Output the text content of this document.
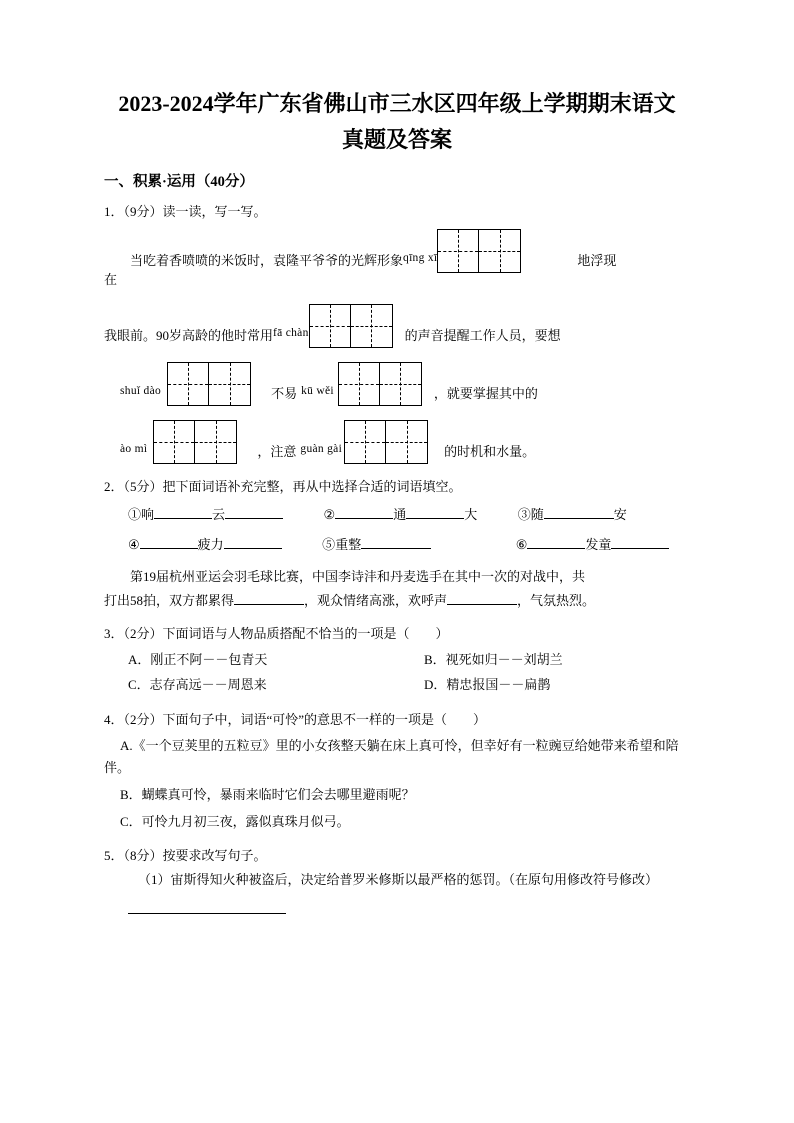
2023-2024学年广东省佛山市三水区四年级上学期期末语文
真题及答案
一、积累·运用（40分）
1．（9分）读一读，写一写。
当吃着香喷喷的米饭时，袁隆平爷爷的光辉形象 qīng xī	地浮现
在
我眼前。90岁高龄的他时常用 fā chàn	的声音提醒工作人员，要想
shuǐ dào	不易 kū wěi	，就要掌握其中的
ào mì	，注意 guàn gài	的时机和水量。
2．（5分）把下面词语补充完整，再从中选择合适的词语填空。
①响	云	②	通	大	③随	安
④	疲力	⑤重整	⑥	发童
第19届杭州亚运会羽毛球比赛，中国李诗沣和丹麦选手在其中一次的对战中，共
打出58拍，双方都累得	，观众情绪高涨，欢呼声	，气氛热烈。
3．（2分）下面词语与人物品质搭配不恰当的一项是（　　）
A．刚正不阿－－包青天	B．视死如归－－刘胡兰
C．志存高远－－周恩来	D．精忠报国－－扁鹊
4．（2分）下面句子中，词语“可怜”的意思不一样的一项是（　　）
A.《一个豆荚里的五粒豆》里的小女孩整天躺在床上真可怜，但幸好有一粒豌豆给她带来希望和陪伴。
B．蝴蝶真可怜，暴雨来临时它们会去哪里避雨呢？
C．可怜九月初三夜，露似真珠月似弓。
5．（8分）按要求改写句子。
（1）宙斯得知火种被盗后，决定给普罗米修斯以最严格的惩罚。（在原句用修改符号修改）
